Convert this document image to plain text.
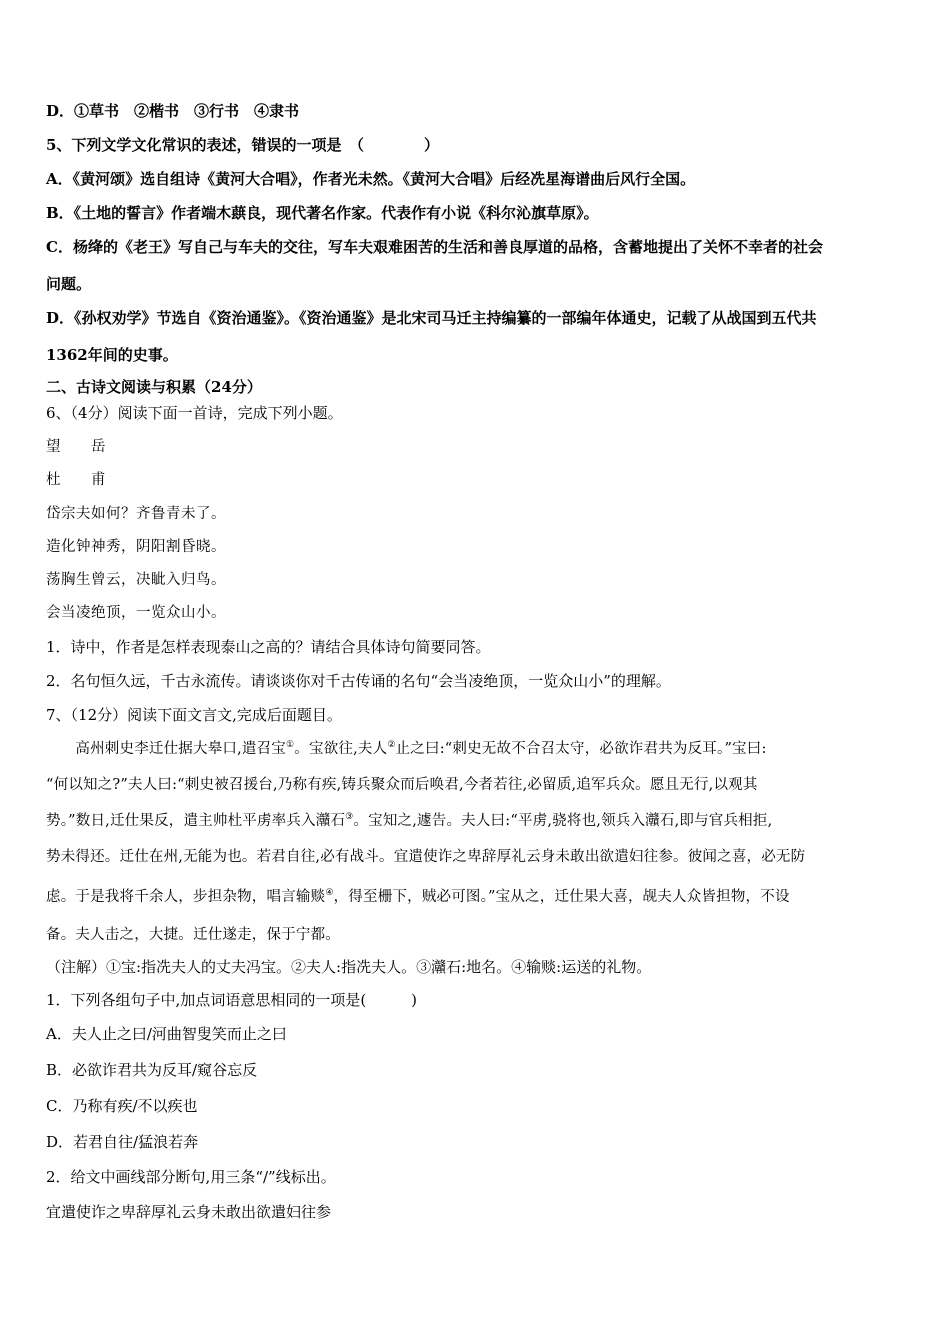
D．①草书　②楷书　③行书　④隶书
5、下列文学文化常识的表述，错误的一项是　（　　　　）
A．《黄河颂》选自组诗《黄河大合唱》，作者光未然。《黄河大合唱》后经冼星海谱曲后风行全国。
B．《土地的誓言》作者端木蕻良，现代著名作家。代表作有小说《科尔沁旗草原》。
C．杨绛的《老王》写自己与车夫的交往，写车夫艰难困苦的生活和善良厚道的品格，含蓄地提出了关怀不幸者的社会
问题。
D．《孙权劝学》节选自《资治通鉴》。《资治通鉴》是北宋司马迁主持编纂的一部编年体通史，记载了从战国到五代共
1362年间的史事。
二、古诗文阅读与积累（24分）
6、（4分）阅读下面一首诗，完成下列小题。
望　　岳
杜　　甫
岱宗夫如何？齐鲁青未了。
造化钟神秀，阴阳割昏晓。
荡胸生曾云，决眦入归鸟。
会当凌绝顶，一览众山小。
1．诗中，作者是怎样表现泰山之高的？请结合具体诗句简要同答。
2．名句恒久远，千古永流传。请谈谈你对千古传诵的名句“会当凌绝顶，一览众山小”的理解。
7、（12分）阅读下面文言文,完成后面题目。
　　高州刺史李迁仕据大皋口,遣召宝①。宝欲往,夫人②止之曰:“刺史无故不合召太守，必欲诈君共为反耳。”宝曰:
“何以知之?”夫人曰:“刺史被召援台,乃称有疾,铸兵聚众而后唤君,今者若往,必留质,追军兵众。愿且无行,以观其
势。”数日,迁仕果反，遣主帅杜平虏率兵入灨石③。宝知之,遽告。夫人曰:“平虏,骁将也,领兵入灨石,即与官兵相拒,
势未得还。迁仕在州,无能为也。若君自往,必有战斗。宜遣使诈之卑辞厚礼云身未敢出欲遣妇往参。彼闻之喜，必无防
虑。于是我将千余人，步担杂物，唱言输赕④，得至栅下，贼必可图。”宝从之，迁仕果大喜，觇夫人众皆担物，不设
备。夫人击之，大捷。迁仕遂走，保于宁都。
（注解）①宝:指冼夫人的丈夫冯宝。②夫人:指冼夫人。③灨石:地名。④输赕:运送的礼物。
1．下列各组句子中,加点词语意思相同的一项是(　　　)
A．夫人止之曰/河曲智叟笑而止之曰
B．必欲诈君共为反耳/窥谷忘反
C．乃称有疾/不以疾也
D．若君自往/猛浪若奔
2．给文中画线部分断句,用三条“/”线标出。
宜遣使诈之卑辞厚礼云身未敢出欲遣妇往参
